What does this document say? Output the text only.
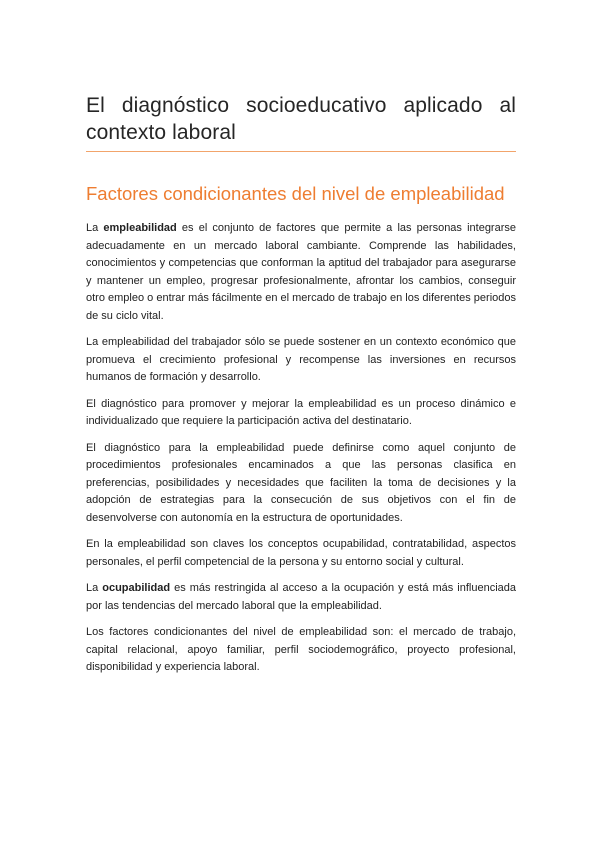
El diagnóstico socioeducativo aplicado al contexto laboral
Factores condicionantes del nivel de empleabilidad

La empleabilidad es el conjunto de factores que permite a las personas integrarse adecuadamente en un mercado laboral cambiante. Comprende las habilidades, conocimientos y competencias que conforman la aptitud del trabajador para asegurarse y mantener un empleo, progresar profesionalmente, afrontar los cambios, conseguir otro empleo o entrar más fácilmente en el mercado de trabajo en los diferentes periodos de su ciclo vital.

La empleabilidad del trabajador sólo se puede sostener en un contexto económico que promueva el crecimiento profesional y recompense las inversiones en recursos humanos de formación y desarrollo.

El diagnóstico para promover y mejorar la empleabilidad es un proceso dinámico e individualizado que requiere la participación activa del destinatario.

El diagnóstico para la empleabilidad puede definirse como aquel conjunto de procedimientos profesionales encaminados a que las personas clasifica en preferencias, posibilidades y necesidades que faciliten la toma de decisiones y la adopción de estrategias para la consecución de sus objetivos con el fin de desenvolverse con autonomía en la estructura de oportunidades.

En la empleabilidad son claves los conceptos ocupabilidad, contratabilidad, aspectos personales, el perfil competencial de la persona y su entorno social y cultural.

La ocupabilidad es más restringida al acceso a la ocupación y está más influenciada por las tendencias del mercado laboral que la empleabilidad.

Los factores condicionantes del nivel de empleabilidad son: el mercado de trabajo, capital relacional, apoyo familiar, perfil sociodemográfico, proyecto profesional, disponibilidad y experiencia laboral.
